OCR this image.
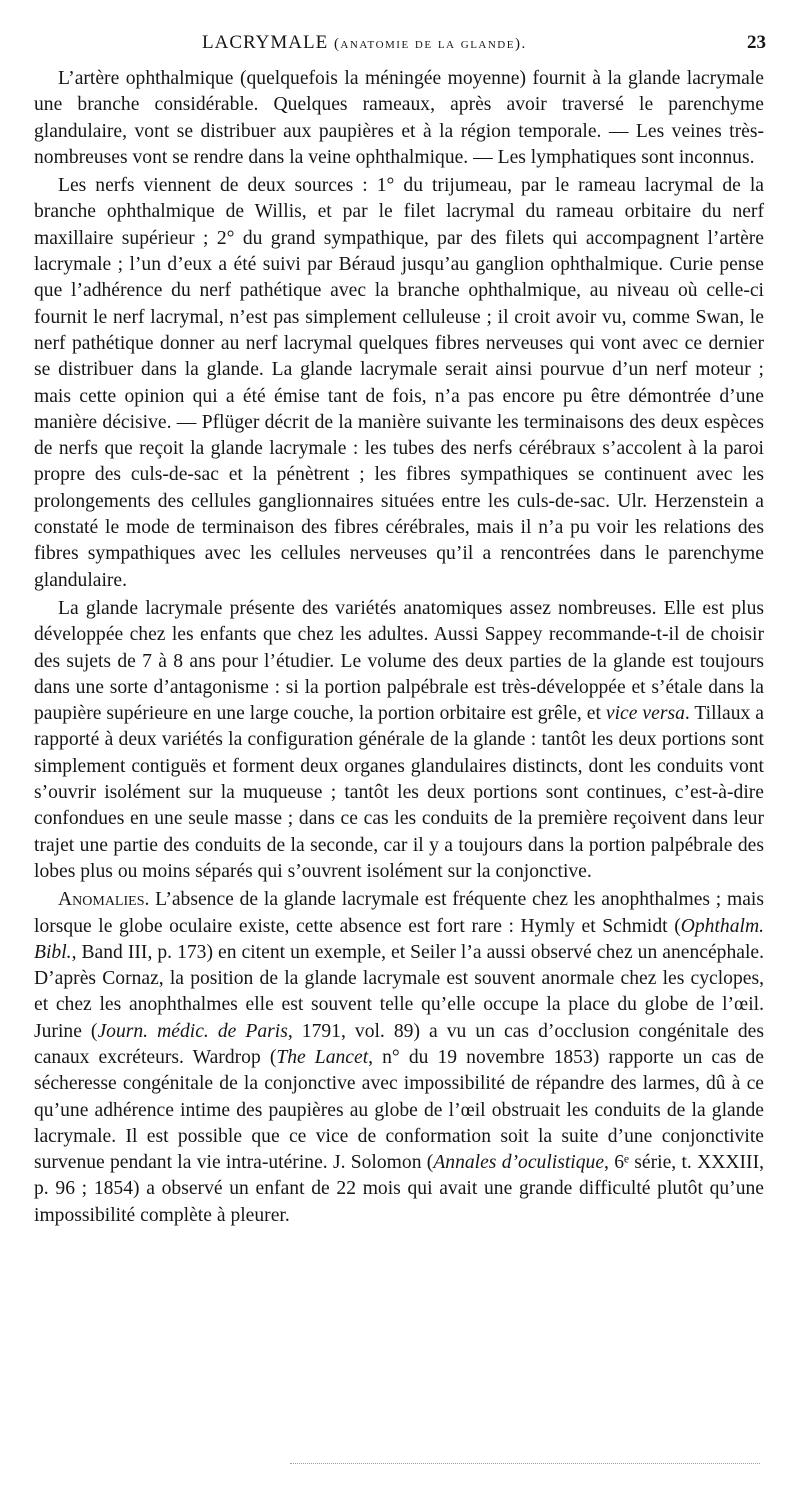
LACRYMALE (anatomie de la glande).	23

L’artère ophthalmique (quelquefois la méningée moyenne) fournit à la glande lacrymale une branche considérable. Quelques rameaux, après avoir traversé le parenchyme glandulaire, vont se distribuer aux paupières et à la région temporale. — Les veines très-nombreuses vont se rendre dans la veine ophthalmique. — Les lymphatiques sont inconnus.

Les nerfs viennent de deux sources : 1° du trijumeau, par le rameau lacrymal de la branche ophthalmique de Willis, et par le filet lacrymal du rameau orbitaire du nerf maxillaire supérieur ; 2° du grand sympathique, par des filets qui accompagnent l’artère lacrymale ; l’un d’eux a été suivi par Béraud jusqu’au ganglion ophthalmique. Curie pense que l’adhérence du nerf pathétique avec la branche ophthalmique, au niveau où celle-ci fournit le nerf lacrymal, n’est pas simplement celluleuse ; il croit avoir vu, comme Swan, le nerf pathétique donner au nerf lacrymal quelques fibres nerveuses qui vont avec ce dernier se distribuer dans la glande. La glande lacrymale serait ainsi pourvue d’un nerf moteur ; mais cette opinion qui a été émise tant de fois, n’a pas encore pu être démontrée d’une manière décisive. — Pflüger décrit de la manière suivante les terminaisons des deux espèces de nerfs que reçoit la glande lacrymale : les tubes des nerfs cérébraux s’accolent à la paroi propre des culs-de-sac et la pénètrent ; les fibres sympathiques se continuent avec les prolongements des cellules ganglionnaires situées entre les culs-de-sac. Ulr. Herzenstein a constaté le mode de terminaison des fibres cérébrales, mais il n’a pu voir les relations des fibres sympathiques avec les cellules nerveuses qu’il a rencontrées dans le parenchyme glandulaire.

La glande lacrymale présente des variétés anatomiques assez nombreuses. Elle est plus développée chez les enfants que chez les adultes. Aussi Sappey recommande-t-il de choisir des sujets de 7 à 8 ans pour l’étudier. Le volume des deux parties de la glande est toujours dans une sorte d’antagonisme : si la portion palpébrale est très-développée et s’étale dans la paupière supérieure en une large couche, la portion orbitaire est grêle, et vice versa. Tillaux a rapporté à deux variétés la configuration générale de la glande : tantôt les deux portions sont simplement contiguës et forment deux organes glandulaires distincts, dont les conduits vont s’ouvrir isolément sur la muqueuse ; tantôt les deux portions sont continues, c’est-à-dire confondues en une seule masse ; dans ce cas les conduits de la première reçoivent dans leur trajet une partie des conduits de la seconde, car il y a toujours dans la portion palpébrale des lobes plus ou moins séparés qui s’ouvrent isolément sur la conjonctive.

Anomalies. L’absence de la glande lacrymale est fréquente chez les anophthalmes ; mais lorsque le globe oculaire existe, cette absence est fort rare : Hymly et Schmidt (Ophthalm. Bibl., Band III, p. 173) en citent un exemple, et Seiler l’a aussi observé chez un anencéphale. D’après Cornaz, la position de la glande lacrymale est souvent anormale chez les cyclopes, et chez les anophthalmes elle est souvent telle qu’elle occupe la place du globe de l’œil. Jurine (Journ. médic. de Paris, 1791, vol. 89) a vu un cas d’occlusion congénitale des canaux excréteurs. Wardrop (The Lancet, n° du 19 novembre 1853) rapporte un cas de sécheresse congénitale de la conjonctive avec impossibilité de répandre des larmes, dû à ce qu’une adhérence intime des paupières au globe de l’œil obstruait les conduits de la glande lacrymale. Il est possible que ce vice de conformation soit la suite d’une conjonctivite survenue pendant la vie intra-utérine. J. Solomon (Annales d’oculistique, 6ᵉ série, t. XXXIII, p. 96 ; 1854) a observé un enfant de 22 mois qui avait une grande difficulté plutôt qu’une impossibilité complète à pleurer.
